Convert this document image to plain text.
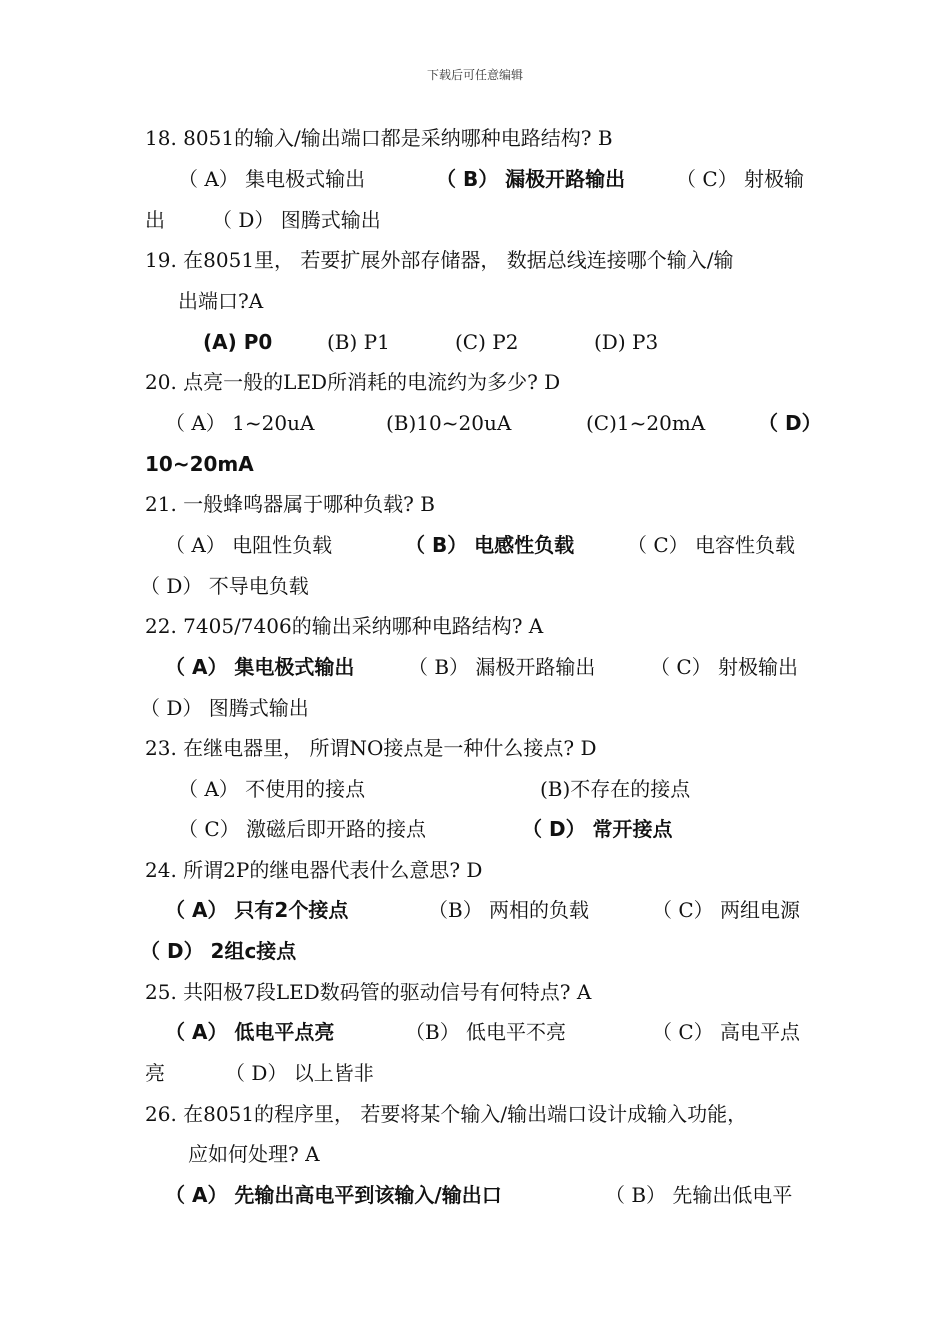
下载后可任意编辑
18. 8051的输入/输出端口都是采纳哪种电路结构? B
（ A） 集电极式输出	（ B） 漏极开路输出	（ C） 射极输
出 （ D） 图腾式输出
19. 在8051里， 若要扩展外部存储器， 数据总线连接哪个输入/输
出端口?A
(A) P0	(B) P1	(C) P2	(D) P3
20. 点亮一般的LED所消耗的电流约为多少? D
（ A） 1~20uA	(B)10~20uA	(C)1~20mA	（ D）
10~20mA
21. 一般蜂鸣器属于哪种负载? B
（ A） 电阻性负载	（ B） 电感性负载	（ C） 电容性负载
（ D） 不导电负载
22. 7405/7406的输出采纳哪种电路结构? A
（ A） 集电极式输出	（ B） 漏极开路输出	（ C） 射极输出
（ D） 图腾式输出
23. 在继电器里， 所谓NO接点是一种什么接点? D
（ A） 不使用的接点	(B)不存在的接点
（ C） 激磁后即开路的接点	（ D） 常开接点
24. 所谓2P的继电器代表什么意思? D
（ A） 只有2个接点	（B） 两相的负载	（ C） 两组电源
（ D） 2组c接点
25. 共阳极7段LED数码管的驱动信号有何特点? A
（ A） 低电平点亮	（B） 低电平不亮	（ C） 高电平点
亮	（ D） 以上皆非
26. 在8051的程序里， 若要将某个输入/输出端口设计成输入功能，
应如何处理? A
（ A） 先输出高电平到该输入/输出口	（ B） 先输出低电平
